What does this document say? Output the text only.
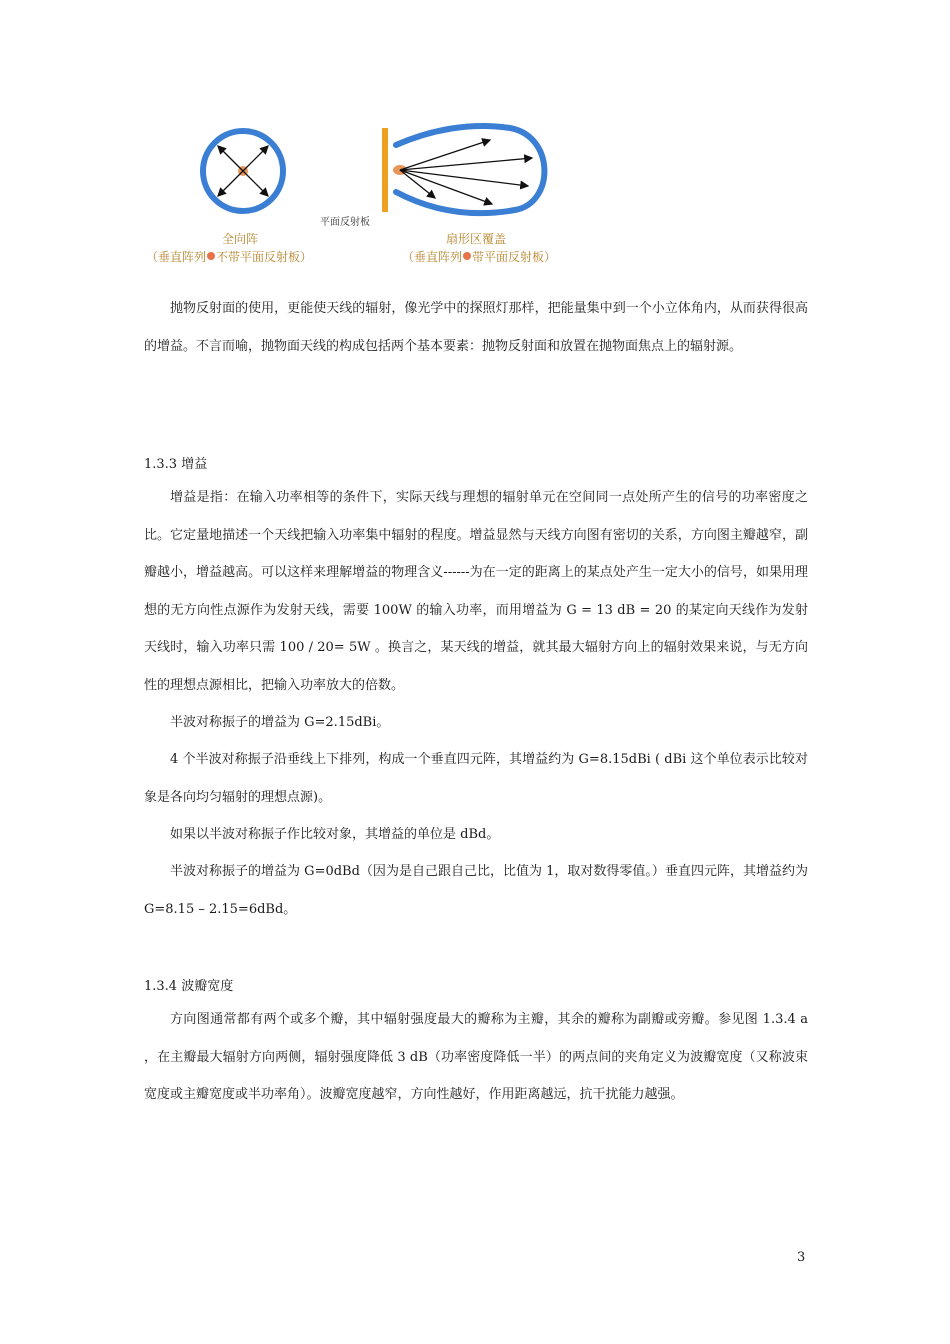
平面反射板
全向阵
（垂直阵列 不带平面反射板）
扇形区覆盖
（垂直阵列 带平面反射板）

抛物反射面的使用，更能使天线的辐射，像光学中的探照灯那样，把能量集中到一个小立体角内，从而获得很高的增益。不言而喻，抛物面天线的构成包括两个基本要素：抛物反射面和放置在抛物面焦点上的辐射源。

1.3.3 增益

增益是指：在输入功率相等的条件下，实际天线与理想的辐射单元在空间同一点处所产生的信号的功率密度之比。它定量地描述一个天线把输入功率集中辐射的程度。增益显然与天线方向图有密切的关系，方向图主瓣越窄，副瓣越小，增益越高。可以这样来理解增益的物理含义------为在一定的距离上的某点处产生一定大小的信号，如果用理想的无方向性点源作为发射天线，需要 100W 的输入功率，而用增益为 G = 13 dB = 20 的某定向天线作为发射天线时，输入功率只需 100 / 20= 5W 。换言之，某天线的增益，就其最大辐射方向上的辐射效果来说，与无方向性的理想点源相比，把输入功率放大的倍数。

半波对称振子的增益为 G=2.15dBi。

4 个半波对称振子沿垂线上下排列，构成一个垂直四元阵，其增益约为 G=8.15dBi ( dBi 这个单位表示比较对象是各向均匀辐射的理想点源)。

如果以半波对称振子作比较对象，其增益的单位是 dBd。

半波对称振子的增益为 G=0dBd（因为是自己跟自己比，比值为 1，取对数得零值。）垂直四元阵，其增益约为 G=8.15 – 2.15=6dBd。

1.3.4 波瓣宽度

方向图通常都有两个或多个瓣，其中辐射强度最大的瓣称为主瓣，其余的瓣称为副瓣或旁瓣。参见图 1.3.4 a ，在主瓣最大辐射方向两侧，辐射强度降低 3 dB（功率密度降低一半）的两点间的夹角定义为波瓣宽度（又称波束宽度或主瓣宽度或半功率角）。波瓣宽度越窄，方向性越好，作用距离越远，抗干扰能力越强。

3
